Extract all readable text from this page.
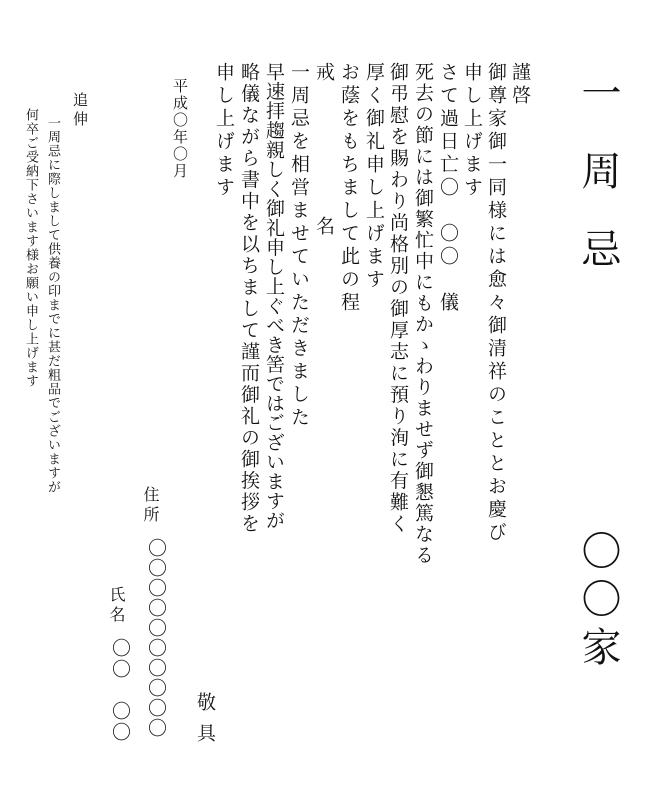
一周忌
〇〇家
謹啓
御尊家御一同様には愈々御清祥のこととお慶び
申し上げます
さて過日亡〇　〇〇　儀
死去の節には御繁忙中にもかゝわりませず御懇篤なる
御弔慰を賜わり尚格別の御厚志に預り洵に有難く
厚く御礼申し上げます
お蔭をもちまして此の程
戒　　　　　　名
一周忌を相営ませていただきました
早速拝趨親しく御礼申し上ぐべき筈ではございますが
略儀ながら書中を以ちまして謹而御礼の御挨拶を
申し上げます
敬具
平成〇年〇月
住所
〇〇〇〇〇〇〇〇〇〇
氏名
〇〇　〇〇
追伸
一周忌に際しまして供養の印までに甚だ粗品でございますが
何卒ご受納下さいます様お願い申し上げます
